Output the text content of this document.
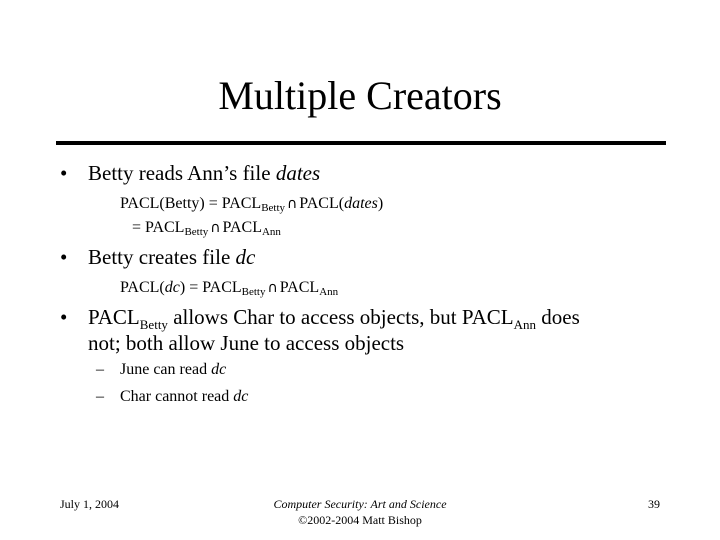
Multiple Creators
• Betty reads Ann’s file dates
PACL(Betty) = $PACL_{Betty}$ ∩ PACL(dates)
= $PACL_{Betty}$ ∩ $PACL_{Ann}$
• Betty creates file dc
PACL(dc) = $PACL_{Betty}$ ∩ $PACL_{Ann}$
• $PACL_{Betty}$ allows Char to access objects, but $PACL_{Ann}$ does
not; both allow June to access objects
– June can read dc
– Char cannot read dc
July 1, 2004	Computer Security: Art and Science
©2002-2004 Matt Bishop
39
